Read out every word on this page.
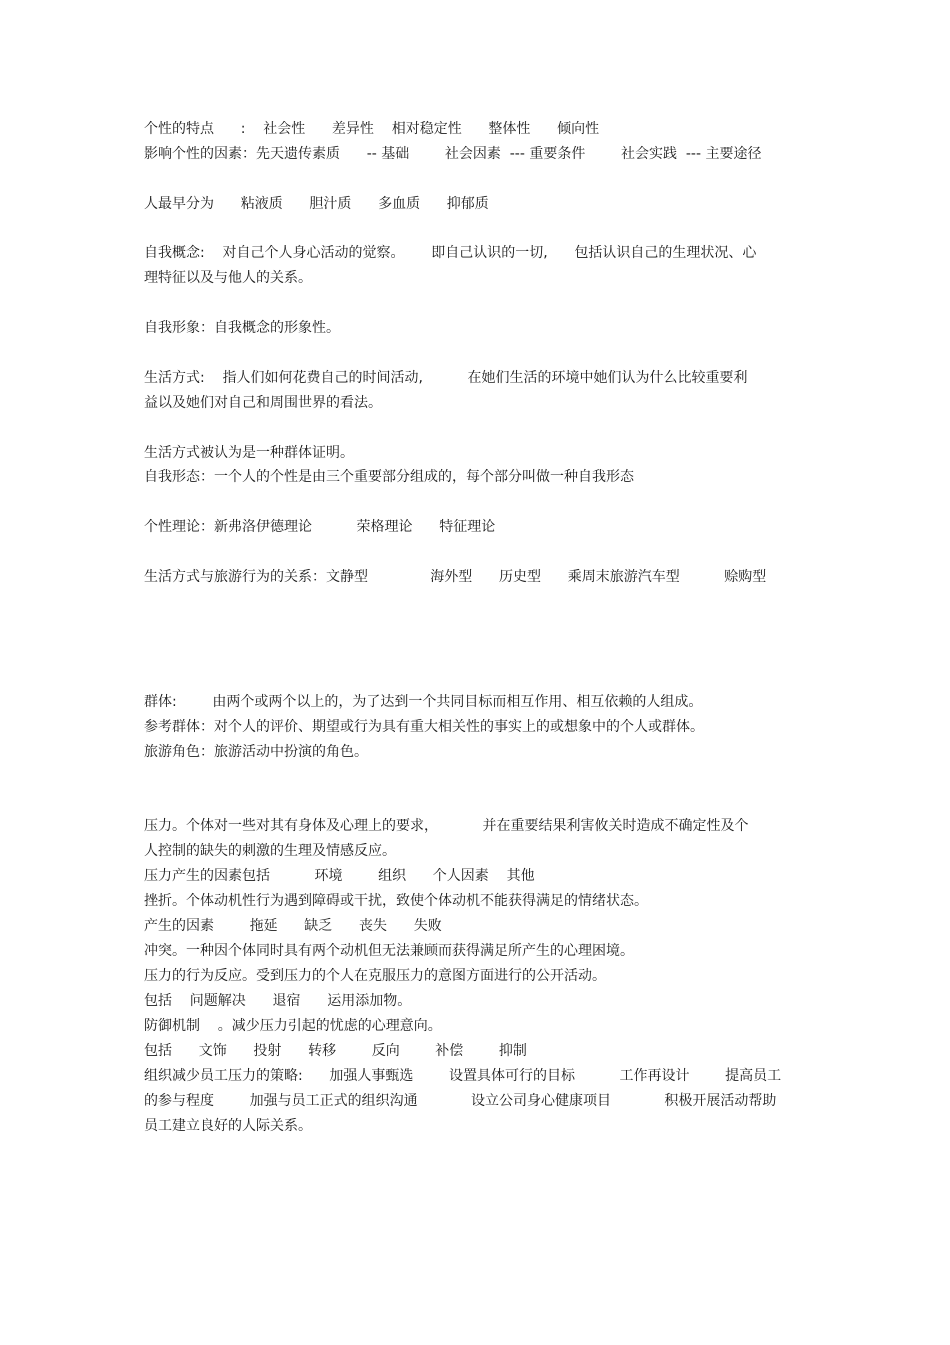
个性的特点      :    社会性      差异性    相对稳定性      整体性      倾向性
影响个性的因素：先天遗传素质      -- 基础        社会因素  --- 重要条件        社会实践  --- 主要途径
人最早分为      粘液质      胆汁质      多血质      抑郁质
自我概念:    对自己个人身心活动的觉察。      即自己认识的一切,      包括认识自己的生理状况、心
理特征以及与他人的关系。
自我形象：自我概念的形象性。
生活方式:    指人们如何花费自己的时间活动,          在她们生活的环境中她们认为什么比较重要利
益以及她们对自己和周围世界的看法。
生活方式被认为是一种群体证明。
自我形态：一个人的个性是由三个重要部分组成的，每个部分叫做一种自我形态
个性理论：新弗洛伊德理论          荣格理论      特征理论
生活方式与旅游行为的关系：文静型              海外型      历史型      乘周末旅游汽车型          赊购型
群体:        由两个或两个以上的，为了达到一个共同目标而相互作用、相互依赖的人组成。
参考群体：对个人的评价、期望或行为具有重大相关性的事实上的或想象中的个人或群体。
旅游角色：旅游活动中扮演的角色。
压力。个体对一些对其有身体及心理上的要求，          并在重要结果利害攸关时造成不确定性及个
人控制的缺失的刺激的生理及情感反应。
压力产生的因素包括          环境        组织      个人因素    其他
挫折。个体动机性行为遇到障碍或干扰，致使个体动机不能获得满足的情绪状态。
产生的因素        拖延      缺乏      丧失      失败
冲突。一种因个体同时具有两个动机但无法兼顾而获得满足所产生的心理困境。
压力的行为反应。受到压力的个人在克服压力的意图方面进行的公开活动。
包括    问题解决      退宿      运用添加物。
防御机制    。减少压力引起的忧虑的心理意向。
包括      文饰      投射      转移        反向        补偿        抑制
组织减少员工压力的策略:      加强人事甄选        设置具体可行的目标          工作再设计        提高员工
的参与程度        加强与员工正式的组织沟通            设立公司身心健康项目            积极开展活动帮助
员工建立良好的人际关系。
